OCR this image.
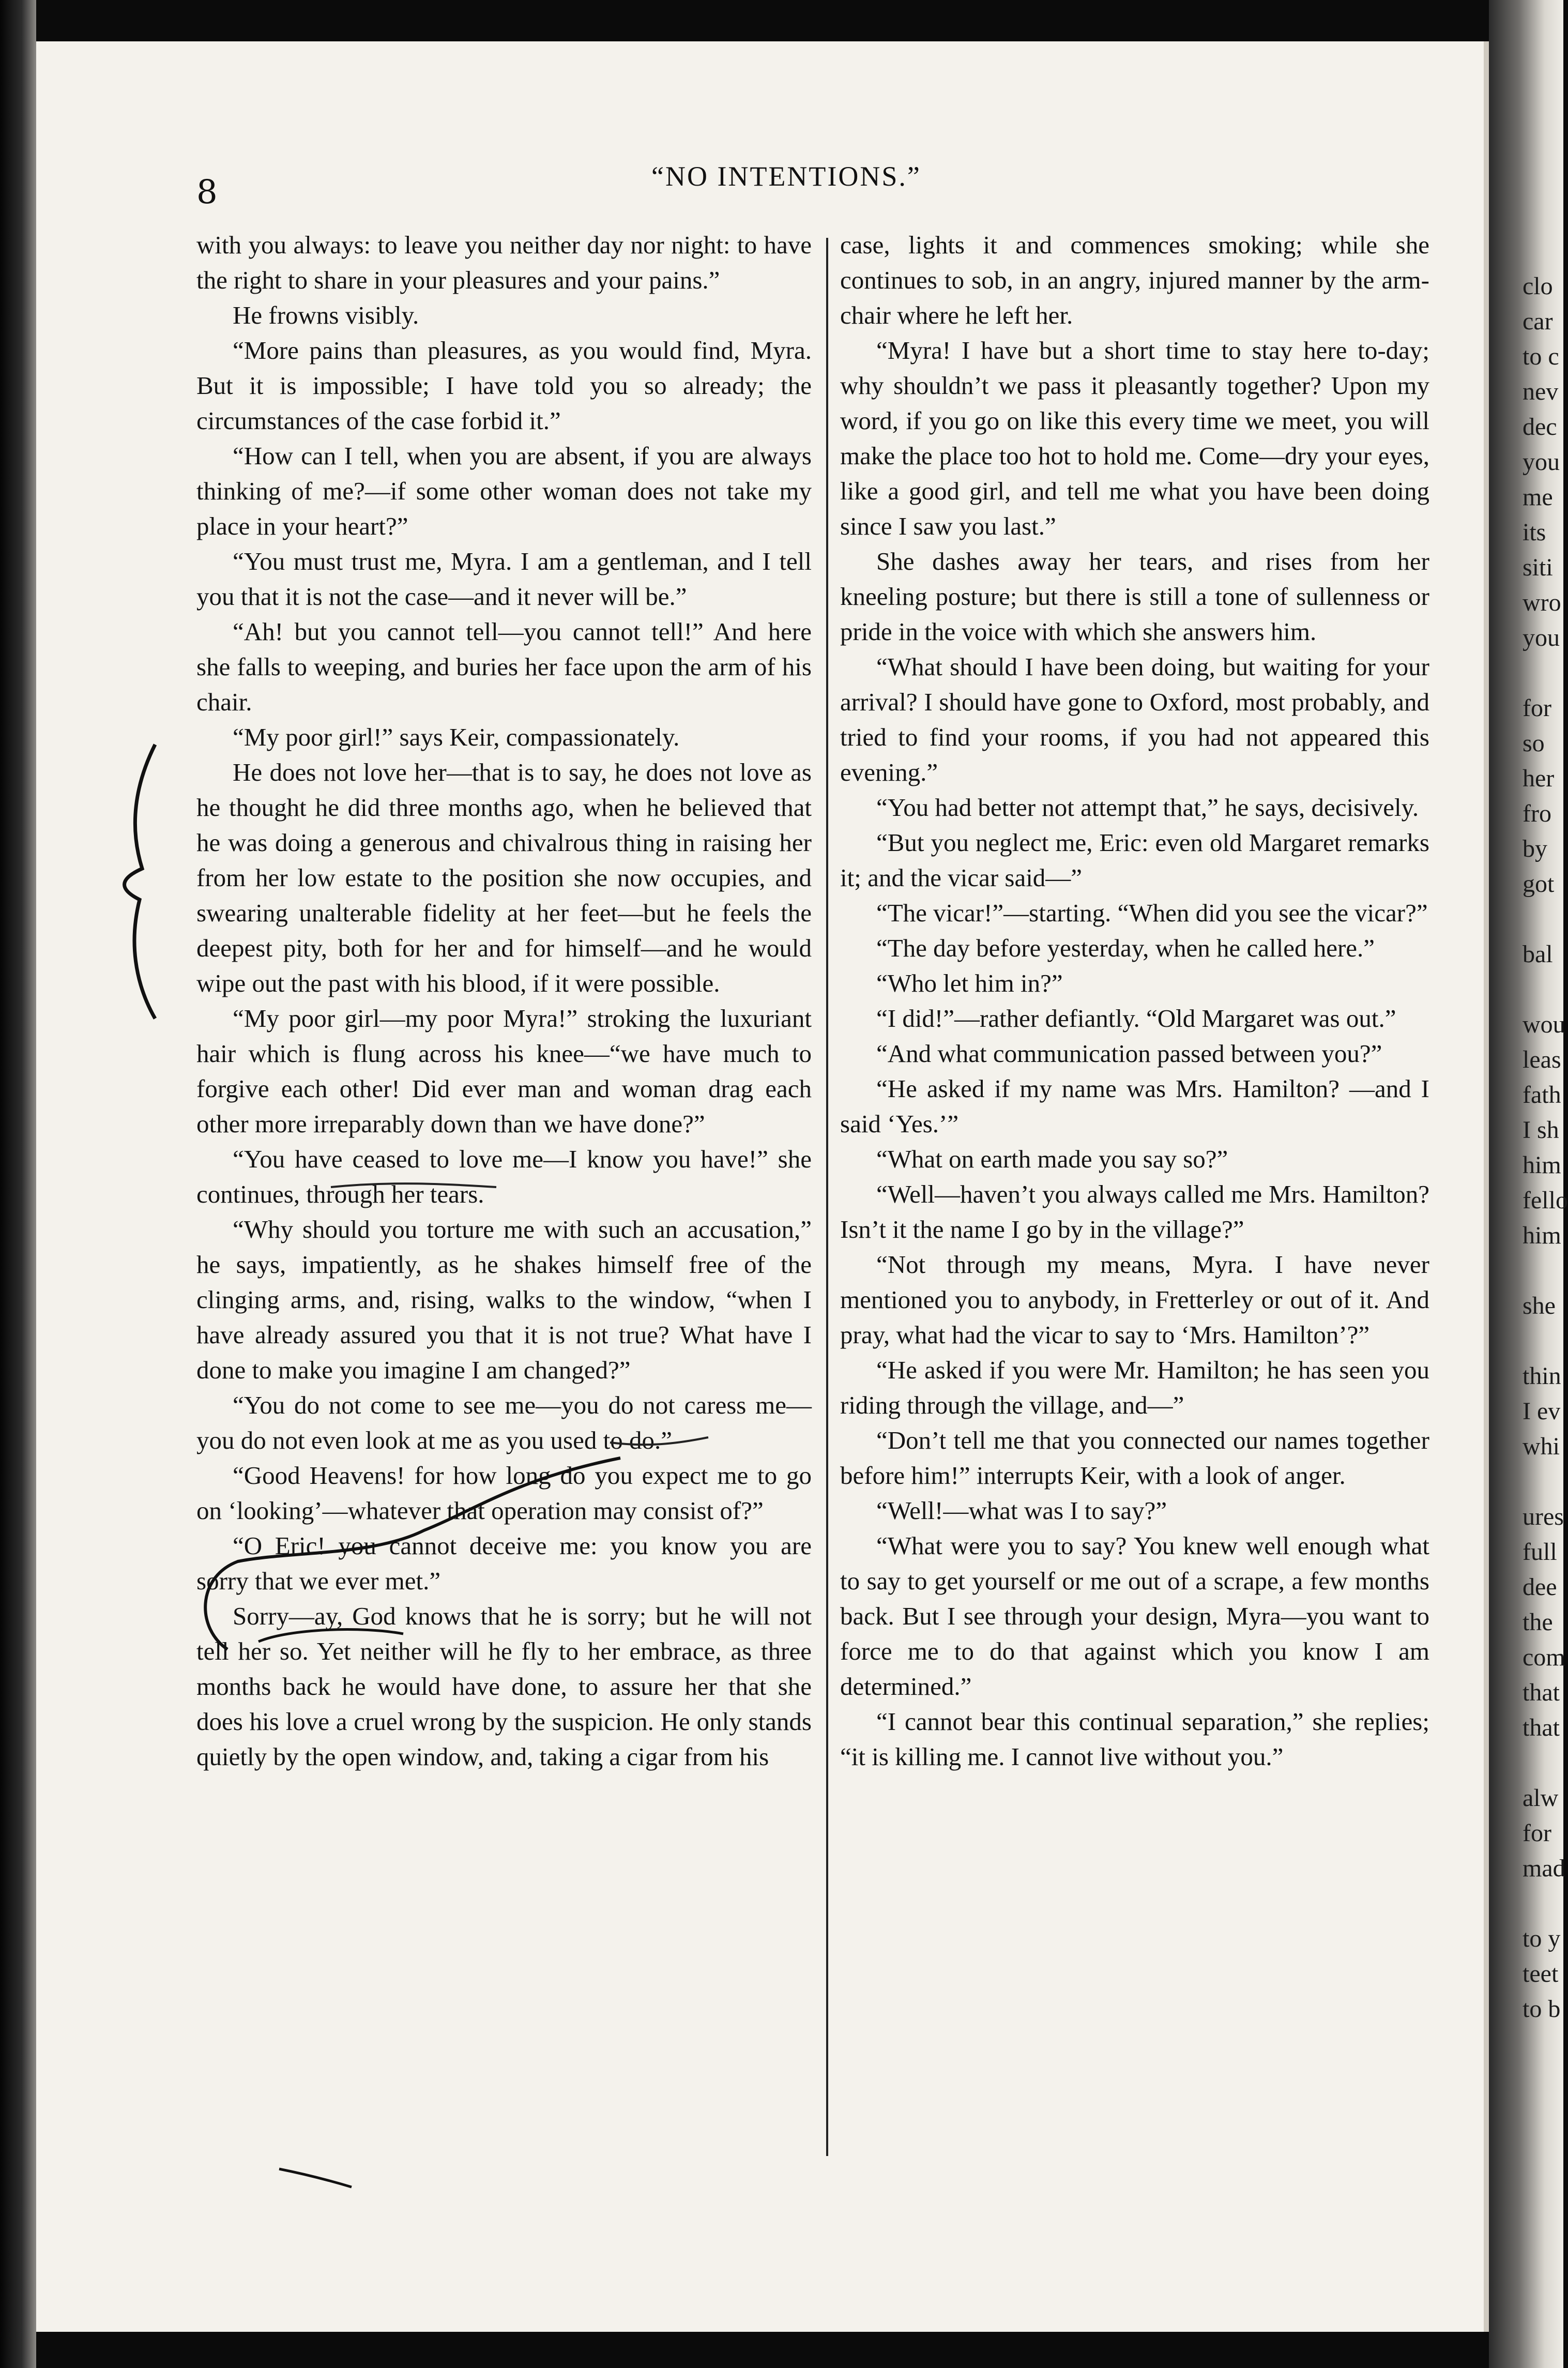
8	“NO INTENTIONS.”

with you always: to leave you neither day nor night: to have the right to share in your pleasures and your pains.”

He frowns visibly.

“More pains than pleasures, as you would find, Myra. But it is impossible; I have told you so already; the circumstances of the case forbid it.”

“How can I tell, when you are absent, if you are always thinking of me?—if some other woman does not take my place in your heart?”

“You must trust me, Myra. I am a gentleman, and I tell you that it is not the case—and it never will be.”

“Ah! but you cannot tell—you cannot tell!” And here she falls to weeping, and buries her face upon the arm of his chair.

“My poor girl!” says Keir, compassionately.

He does not love her—that is to say, he does not love as he thought he did three months ago, when he believed that he was doing a generous and chivalrous thing in raising her from her low estate to the position she now occupies, and swearing unalterable fidelity at her feet—but he feels the deepest pity, both for her and for himself—and he would wipe out the past with his blood, if it were possible.

“My poor girl—my poor Myra!” stroking the luxuriant hair which is flung across his knee—“we have much to forgive each other! Did ever man and woman drag each other more irreparably down than we have done?”

“You have ceased to love me—I know you have!” she continues, through her tears.

“Why should you torture me with such an accusation,” he says, impatiently, as he shakes himself free of the clinging arms, and, rising, walks to the window, “when I have already assured you that it is not true? What have I done to make you imagine I am changed?”

“You do not come to see me—you do not caress me—you do not even look at me as you used to do.”

“Good Heavens! for how long do you expect me to go on ‘looking’—whatever that operation may consist of?”

“O Eric! you cannot deceive me: you know you are sorry that we ever met.”

Sorry—ay, God knows that he is sorry; but he will not tell her so. Yet neither will he fly to her embrace, as three months back he would have done, to assure her that she does his love a cruel wrong by the suspicion. He only stands quietly by the open window, and, taking a cigar from his

case, lights it and commences smoking; while she continues to sob, in an angry, injured manner by the arm-chair where he left her.

“Myra! I have but a short time to stay here to-day; why shouldn’t we pass it pleasantly together? Upon my word, if you go on like this every time we meet, you will make the place too hot to hold me. Come—dry your eyes, like a good girl, and tell me what you have been doing since I saw you last.”

She dashes away her tears, and rises from her kneeling posture; but there is still a tone of sullenness or pride in the voice with which she answers him.

“What should I have been doing, but waiting for your arrival? I should have gone to Oxford, most probably, and tried to find your rooms, if you had not appeared this evening.”

“You had better not attempt that,” he says, decisively.

“But you neglect me, Eric: even old Margaret remarks it; and the vicar said—”

“The vicar!”—starting. “When did you see the vicar?”

“The day before yesterday, when he called here.”

“Who let him in?”

“I did!”—rather defiantly. “Old Margaret was out.”

“And what communication passed between you?”

“He asked if my name was Mrs. Hamilton? —and I said ‘Yes.’”

“What on earth made you say so?”

“Well—haven’t you always called me Mrs. Hamilton? Isn’t it the name I go by in the village?”

“Not through my means, Myra. I have never mentioned you to anybody, in Fretterley or out of it. And pray, what had the vicar to say to ‘Mrs. Hamilton’?”

“He asked if you were Mr. Hamilton; he has seen you riding through the village, and—”

“Don’t tell me that you connected our names together before him!” interrupts Keir, with a look of anger.

“Well!—what was I to say?”

“What were you to say? You knew well enough what to say to get yourself or me out of a scrape, a few months back. But I see through your design, Myra—you want to force me to do that against which you know I am determined.”

“I cannot bear this continual separation,” she replies; “it is killing me. I cannot live without you.”

clo
car
to c
nev
dec
you
me
its
siti
wro
you

for
so
her
fro
by
got

bal

wou
leas
fath
I sh
him
fello
him

she

thin
I ev
whi

ures
full
dee
the
com
that
that

alw
for
mad

to y
teet
to b
